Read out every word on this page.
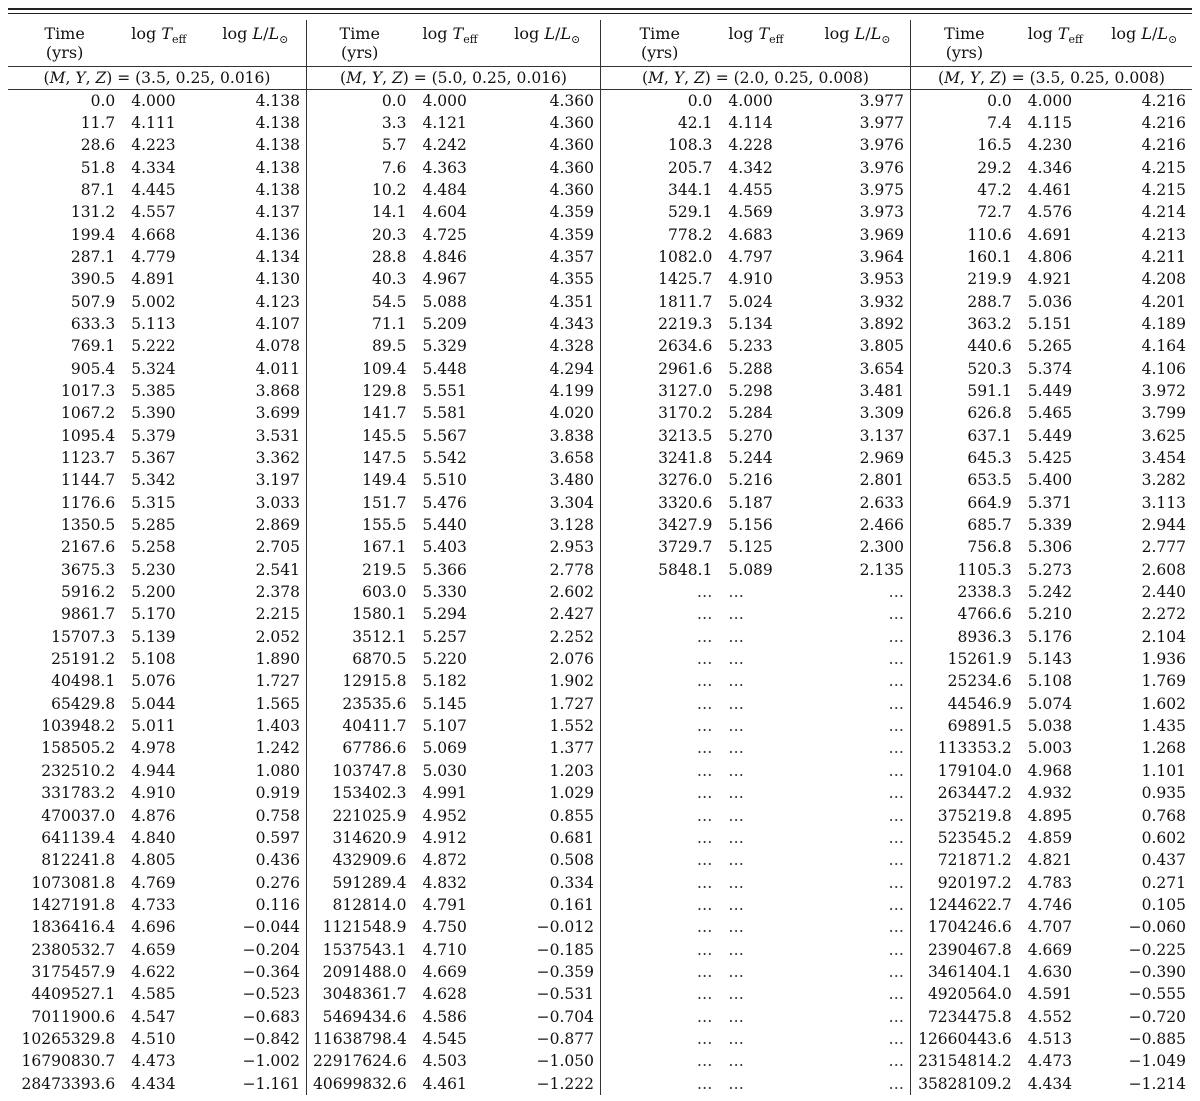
Time
(yrs)	$\log T_{eff}$	$\log L/L_⊙$
(M, Y, Z) = (3.5, 0.25, 0.016)		
0.0	4.000	4.138
11.7	4.111	4.138
28.6	4.223	4.138
51.8	4.334	4.138
87.1	4.445	4.138
131.2	4.557	4.137
199.4	4.668	4.136
287.1	4.779	4.134
390.5	4.891	4.130
507.9	5.002	4.123
633.3	5.113	4.107
769.1	5.222	4.078
905.4	5.324	4.011
1017.3	5.385	3.868
1067.2	5.390	3.699
1095.4	5.379	3.531
1123.7	5.367	3.362
1144.7	5.342	3.197
1176.6	5.315	3.033
1350.5	5.285	2.869
2167.6	5.258	2.705
3675.3	5.230	2.541
5916.2	5.200	2.378
9861.7	5.170	2.215
15707.3	5.139	2.052
25191.2	5.108	1.890
40498.1	5.076	1.727
65429.8	5.044	1.565
103948.2	5.011	1.403
158505.2	4.978	1.242
232510.2	4.944	1.080
331783.2	4.910	0.919
470037.0	4.876	0.758
641139.4	4.840	0.597
812241.8	4.805	0.436
1073081.8	4.769	0.276
1427191.8	4.733	0.116
1836416.4	4.696	−0.044
2380532.7	4.659	−0.204
3175457.9	4.622	−0.364
4409527.1	4.585	−0.523
7011900.6	4.547	−0.683
10265329.8	4.510	−0.842
16790830.7	4.473	−1.002
28473393.6	4.434	−1.161
Time
(yrs)	$\log T_{eff}$	$\log L/L_⊙$
(M, Y, Z) = (5.0, 0.25, 0.016)		
0.0	4.000	4.360
3.3	4.121	4.360
5.7	4.242	4.360
7.6	4.363	4.360
10.2	4.484	4.360
14.1	4.604	4.359
20.3	4.725	4.359
28.8	4.846	4.357
40.3	4.967	4.355
54.5	5.088	4.351
71.1	5.209	4.343
89.5	5.329	4.328
109.4	5.448	4.294
129.8	5.551	4.199
141.7	5.581	4.020
145.5	5.567	3.838
147.5	5.542	3.658
149.4	5.510	3.480
151.7	5.476	3.304
155.5	5.440	3.128
167.1	5.403	2.953
219.5	5.366	2.778
603.0	5.330	2.602
1580.1	5.294	2.427
3512.1	5.257	2.252
6870.5	5.220	2.076
12915.8	5.182	1.902
23535.6	5.145	1.727
40411.7	5.107	1.552
67786.6	5.069	1.377
103747.8	5.030	1.203
153402.3	4.991	1.029
221025.9	4.952	0.855
314620.9	4.912	0.681
432909.6	4.872	0.508
591289.4	4.832	0.334
812814.0	4.791	0.161
1121548.9	4.750	−0.012
1537543.1	4.710	−0.185
2091488.0	4.669	−0.359
3048361.7	4.628	−0.531
5469434.6	4.586	−0.704
11638798.4	4.545	−0.877
22917624.6	4.503	−1.050
40699832.6	4.461	−1.222
Time
(yrs)	$\log T_{eff}$	$\log L/L_⊙$
(M, Y, Z) = (2.0, 0.25, 0.008)		
0.0	4.000	3.977
42.1	4.114	3.977
108.3	4.228	3.976
205.7	4.342	3.976
344.1	4.455	3.975
529.1	4.569	3.973
778.2	4.683	3.969
1082.0	4.797	3.964
1425.7	4.910	3.953
1811.7	5.024	3.932
2219.3	5.134	3.892
2634.6	5.233	3.805
2961.6	5.288	3.654
3127.0	5.298	3.481
3170.2	5.284	3.309
3213.5	5.270	3.137
3241.8	5.244	2.969
3276.0	5.216	2.801
3320.6	5.187	2.633
3427.9	5.156	2.466
3729.7	5.125	2.300
5848.1	5.089	2.135
…	…	…
…	…	…
…	…	…
…	…	…
…	…	…
…	…	…
…	…	…
…	…	…
…	…	…
…	…	…
…	…	…
…	…	…
…	…	…
…	…	…
…	…	…
…	…	…
…	…	…
…	…	…
…	…	…
…	…	…
…	…	…
…	…	…
…	…	…
Time
(yrs)	$\log T_{eff}$	$\log L/L_⊙$
(M, Y, Z) = (3.5, 0.25, 0.008)		
0.0	4.000	4.216
7.4	4.115	4.216
16.5	4.230	4.216
29.2	4.346	4.215
47.2	4.461	4.215
72.7	4.576	4.214
110.6	4.691	4.213
160.1	4.806	4.211
219.9	4.921	4.208
288.7	5.036	4.201
363.2	5.151	4.189
440.6	5.265	4.164
520.3	5.374	4.106
591.1	5.449	3.972
626.8	5.465	3.799
637.1	5.449	3.625
645.3	5.425	3.454
653.5	5.400	3.282
664.9	5.371	3.113
685.7	5.339	2.944
756.8	5.306	2.777
1105.3	5.273	2.608
2338.3	5.242	2.440
4766.6	5.210	2.272
8936.3	5.176	2.104
15261.9	5.143	1.936
25234.6	5.108	1.769
44546.9	5.074	1.602
69891.5	5.038	1.435
113353.2	5.003	1.268
179104.0	4.968	1.101
263447.2	4.932	0.935
375219.8	4.895	0.768
523545.2	4.859	0.602
721871.2	4.821	0.437
920197.2	4.783	0.271
1244622.7	4.746	0.105
1704246.6	4.707	−0.060
2390467.8	4.669	−0.225
3461404.1	4.630	−0.390
4920564.0	4.591	−0.555
7234475.8	4.552	−0.720
12660443.6	4.513	−0.885
23154814.2	4.473	−1.049
35828109.2	4.434	−1.214
